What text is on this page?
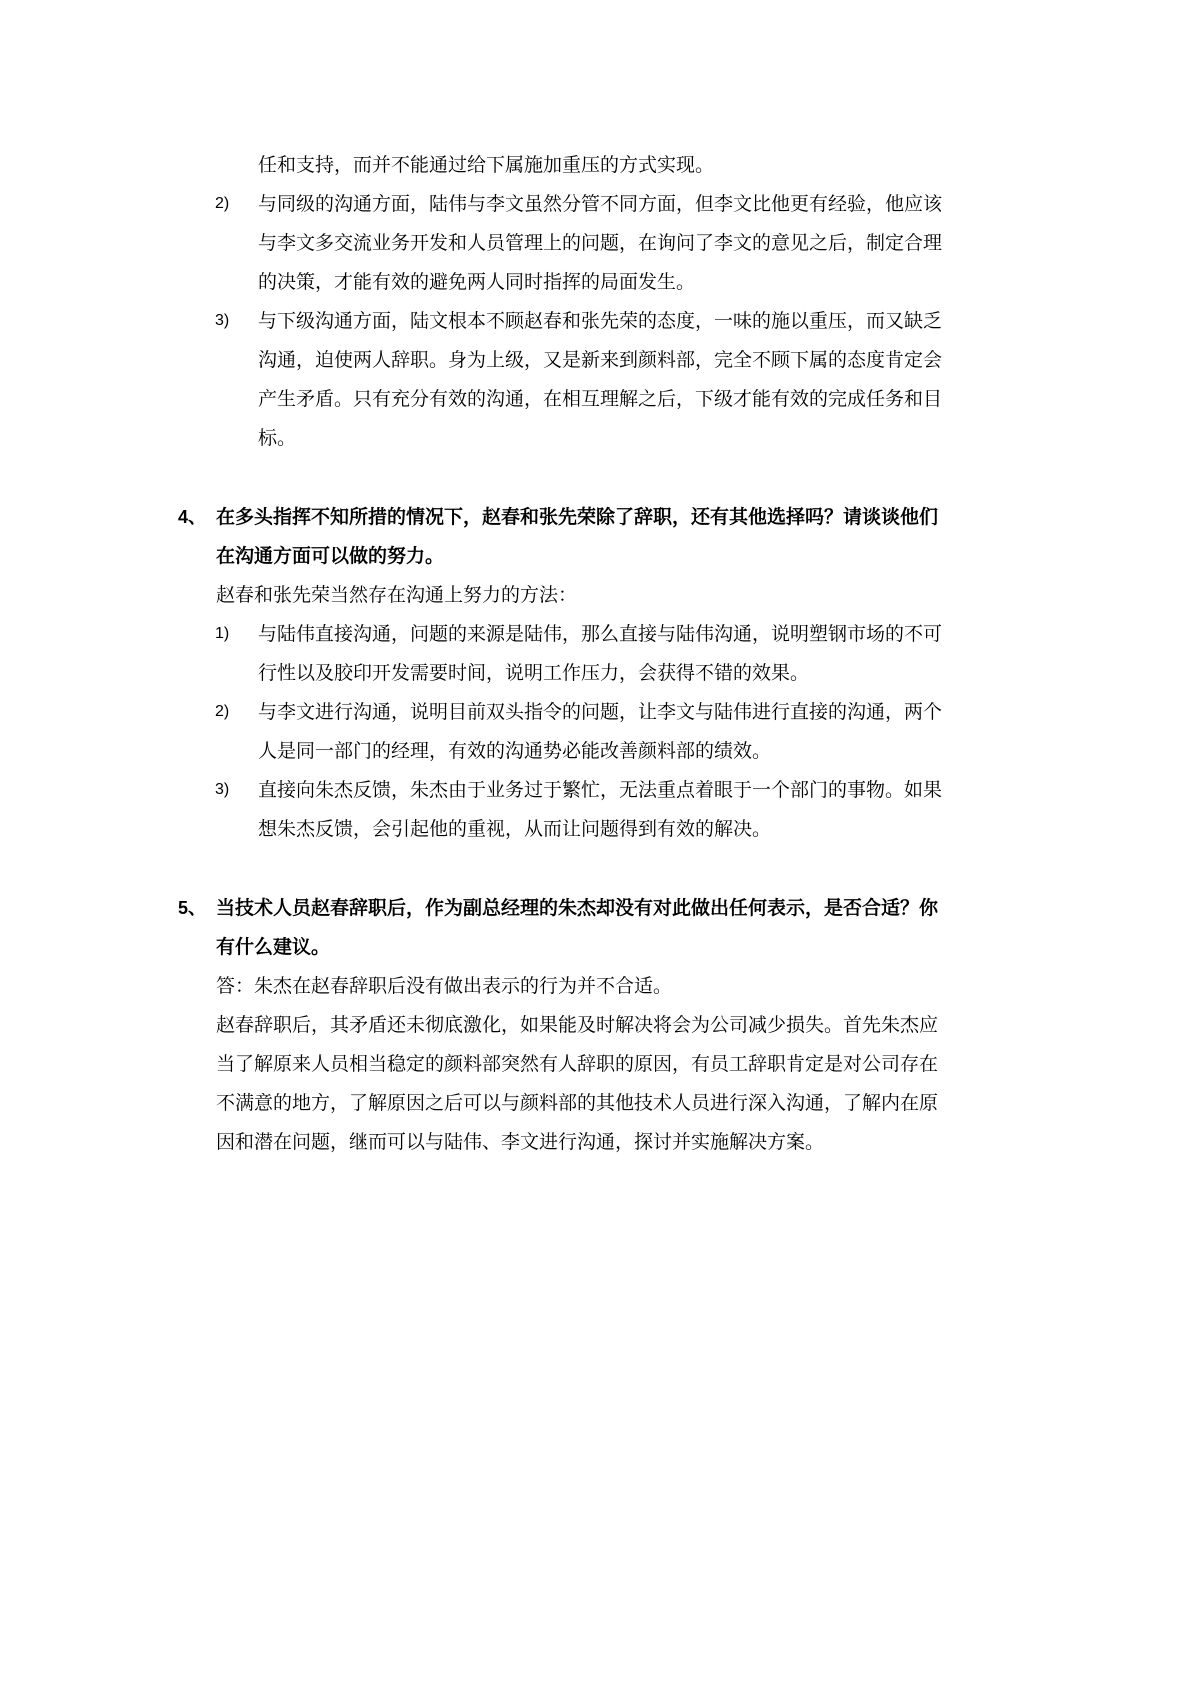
任和支持，而并不能通过给下属施加重压的方式实现。
2) 与同级的沟通方面，陆伟与李文虽然分管不同方面，但李文比他更有经验，他应该
与李文多交流业务开发和人员管理上的问题，在询问了李文的意见之后，制定合理
的决策，才能有效的避免两人同时指挥的局面发生。
3) 与下级沟通方面，陆文根本不顾赵春和张先荣的态度，一味的施以重压，而又缺乏
沟通，迫使两人辞职。身为上级，又是新来到颜料部，完全不顾下属的态度肯定会
产生矛盾。只有充分有效的沟通，在相互理解之后，下级才能有效的完成任务和目
标。
4、 在多头指挥不知所措的情况下，赵春和张先荣除了辞职，还有其他选择吗？请谈谈他们
在沟通方面可以做的努力。
赵春和张先荣当然存在沟通上努力的方法：
1) 与陆伟直接沟通，问题的来源是陆伟，那么直接与陆伟沟通，说明塑钢市场的不可
行性以及胶印开发需要时间，说明工作压力，会获得不错的效果。
2) 与李文进行沟通，说明目前双头指令的问题，让李文与陆伟进行直接的沟通，两个
人是同一部门的经理，有效的沟通势必能改善颜料部的绩效。
3) 直接向朱杰反馈，朱杰由于业务过于繁忙，无法重点着眼于一个部门的事物。如果
想朱杰反馈，会引起他的重视，从而让问题得到有效的解决。
5、 当技术人员赵春辞职后，作为副总经理的朱杰却没有对此做出任何表示，是否合适？你
有什么建议。
答：朱杰在赵春辞职后没有做出表示的行为并不合适。
赵春辞职后，其矛盾还未彻底激化，如果能及时解决将会为公司减少损失。首先朱杰应
当了解原来人员相当稳定的颜料部突然有人辞职的原因，有员工辞职肯定是对公司存在
不满意的地方，了解原因之后可以与颜料部的其他技术人员进行深入沟通，了解内在原
因和潜在问题，继而可以与陆伟、李文进行沟通，探讨并实施解决方案。
